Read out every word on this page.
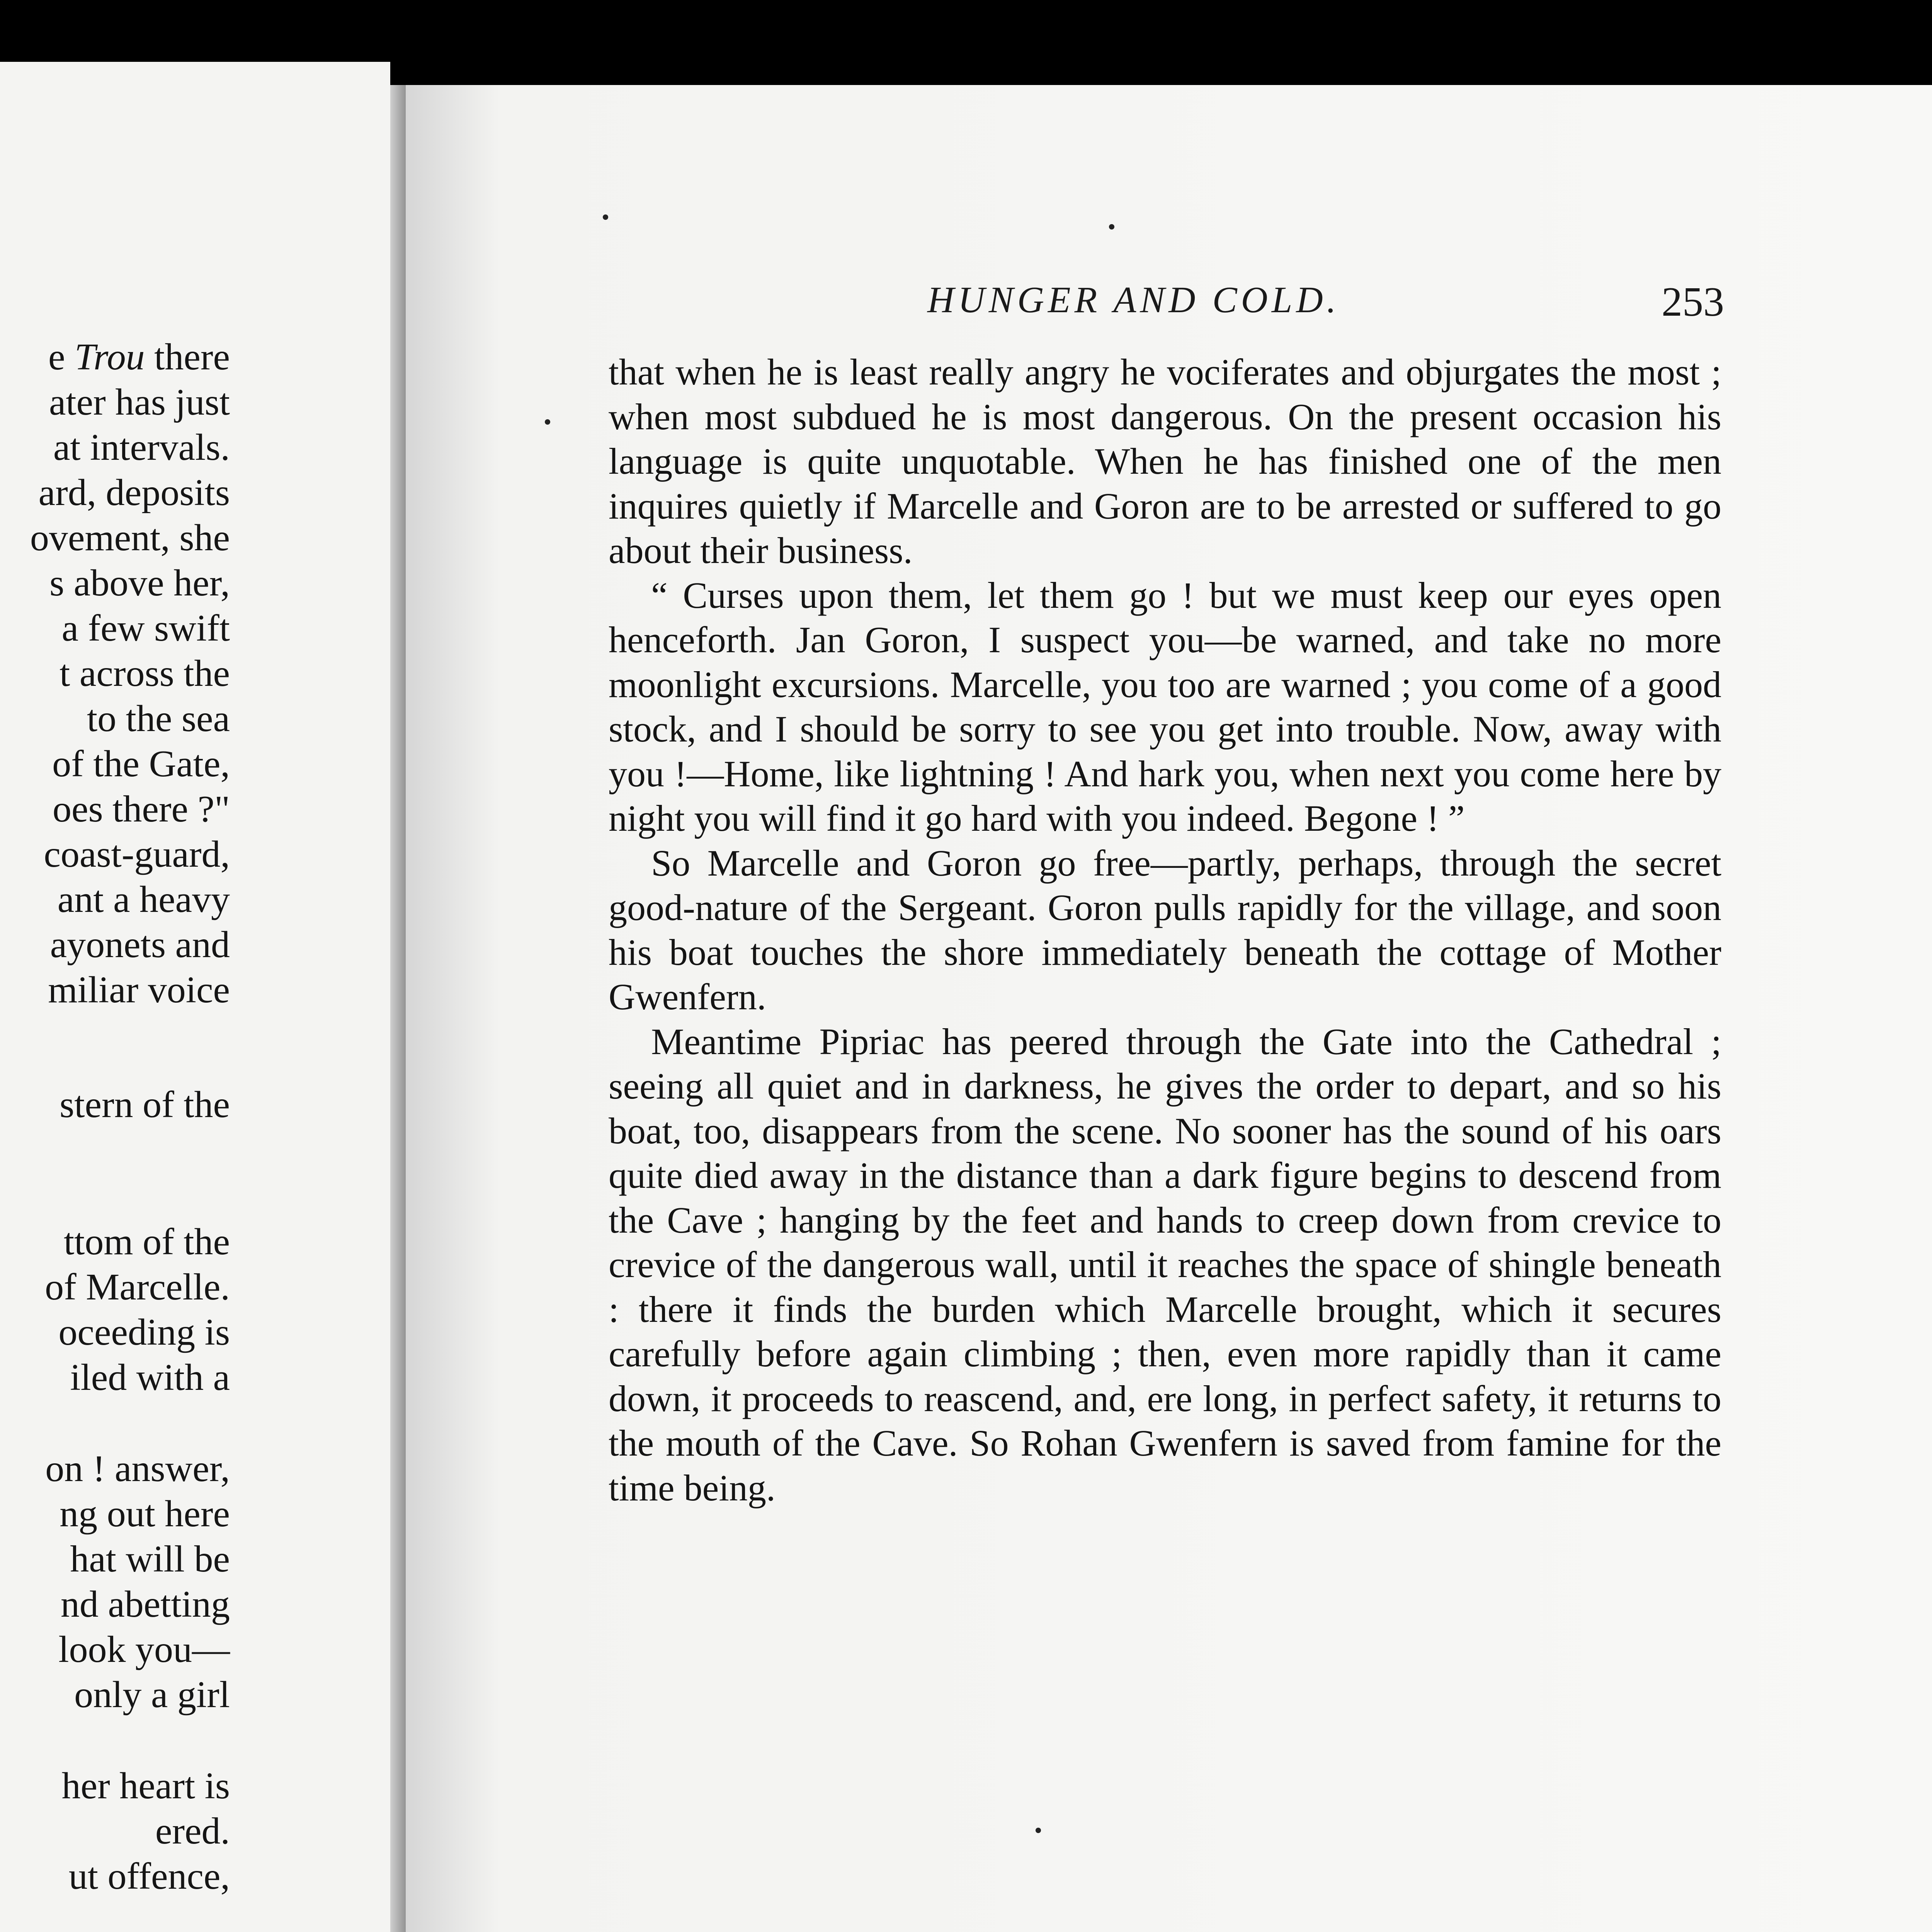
e Trou there
ater has just
at intervals.
ard, deposits
ovement, she
s above her,
a few swift
t across the
to the sea
of the Gate,
oes there ?"
coast-guard,
ant a heavy
ayonets and
miliar voice
stern of the
ttom of the
of Marcelle.
oceeding is
iled with a
on ! answer,
ng out here
hat will be
nd abetting
look you—
only a girl
her heart is
ered.
ut offence,
HUNGER AND COLD.	253

that when he is least really angry he vociferates and objurgates the most ; when most subdued he is most dangerous. On the present occasion his language is quite unquotable. When he has finished one of the men inquires quietly if Marcelle and Goron are to be arrested or suffered to go about their business.

“ Curses upon them, let them go ! but we must keep our eyes open henceforth. Jan Goron, I suspect you—be warned, and take no more moonlight excursions. Marcelle, you too are warned ; you come of a good stock, and I should be sorry to see you get into trouble. Now, away with you !—Home, like lightning ! And hark you, when next you come here by night you will find it go hard with you indeed. Begone ! ”

So Marcelle and Goron go free—partly, perhaps, through the secret good-nature of the Sergeant. Goron pulls rapidly for the village, and soon his boat touches the shore immediately beneath the cottage of Mother Gwenfern.

Meantime Pipriac has peered through the Gate into the Cathedral ; seeing all quiet and in darkness, he gives the order to depart, and so his boat, too, disappears from the scene. No sooner has the sound of his oars quite died away in the distance than a dark figure begins to descend from the Cave ; hanging by the feet and hands to creep down from crevice to crevice of the dangerous wall, until it reaches the space of shingle beneath : there it finds the burden which Marcelle brought, which it secures carefully before again climbing ; then, even more rapidly than it came down, it proceeds to reascend, and, ere long, in perfect safety, it returns to the mouth of the Cave. So Rohan Gwenfern is saved from famine for the time being.
